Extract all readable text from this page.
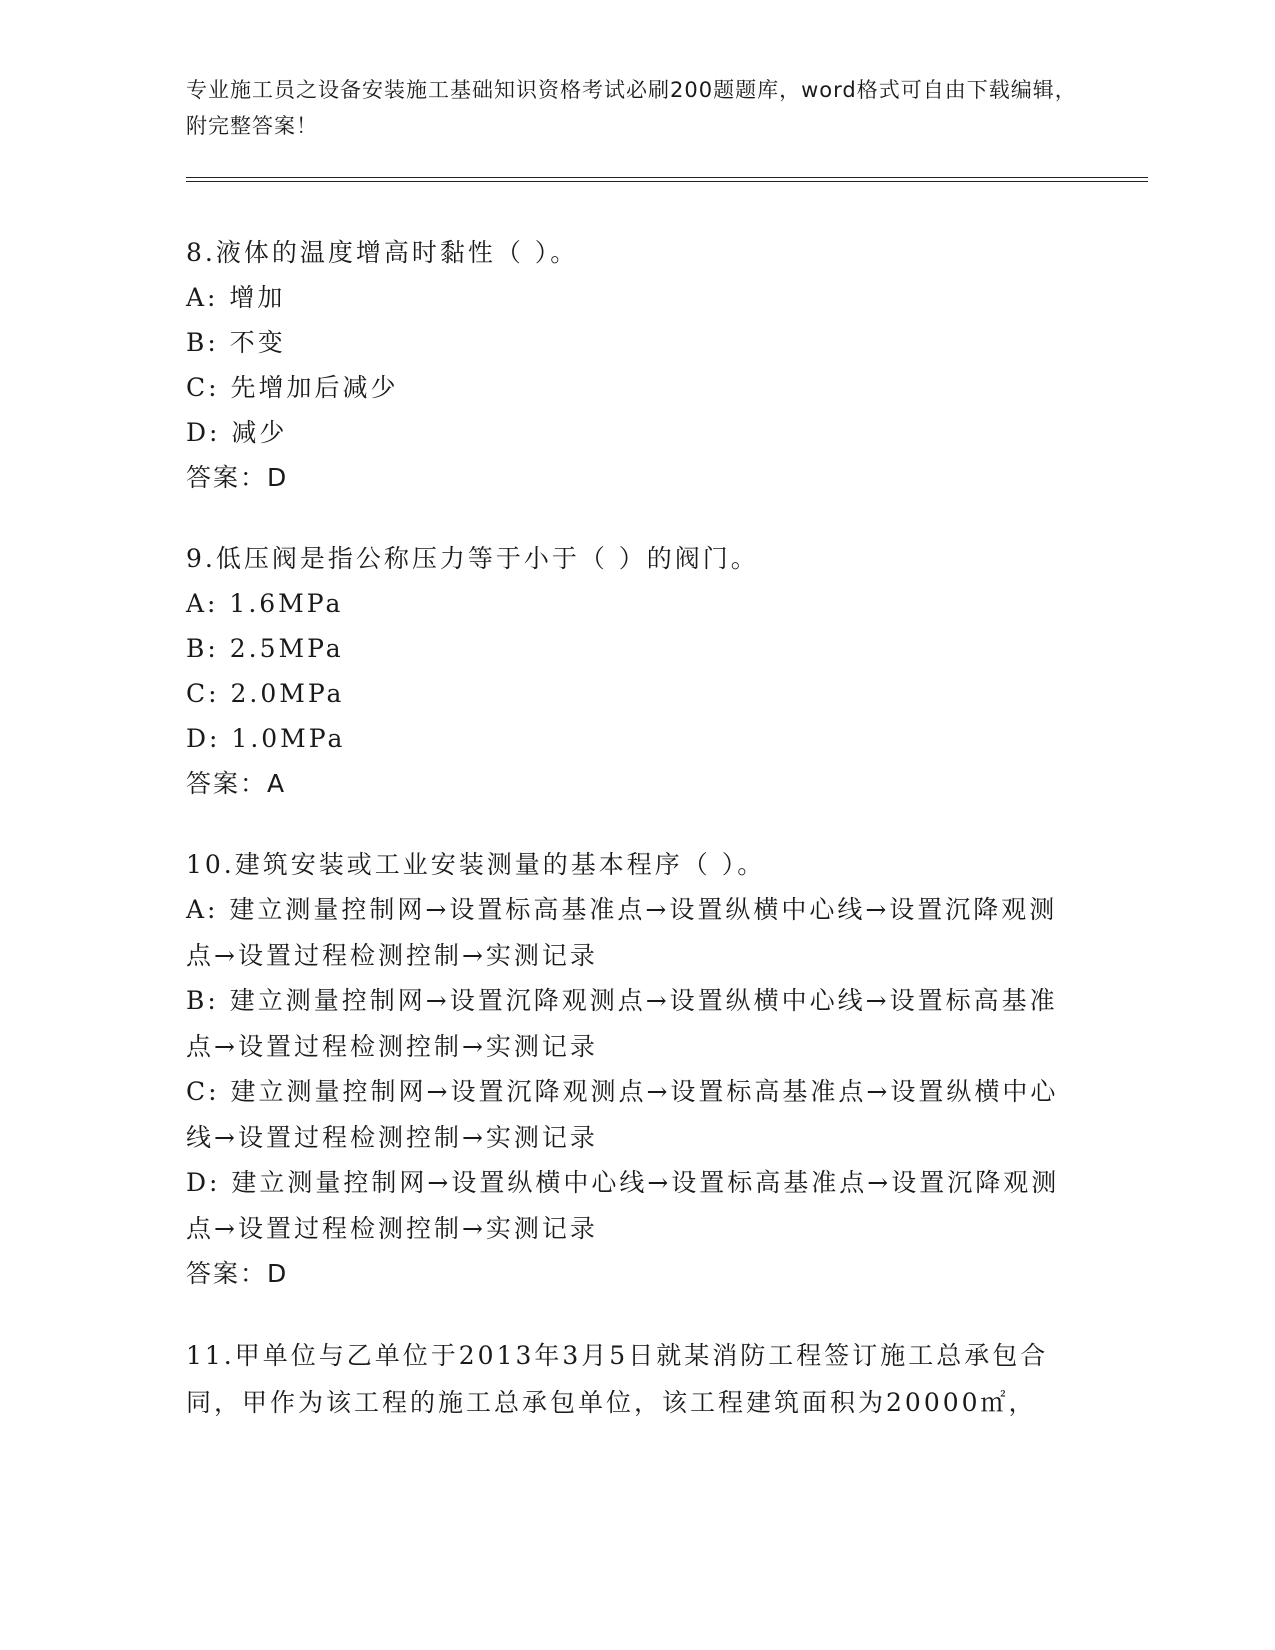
专业施工员之设备安装施工基础知识资格考试必刷200题题库，word格式可自由下载编辑，附完整答案！

8.液体的温度增高时黏性（ ）。

A: 增加

B: 不变

C: 先增加后减少

D: 减少

答案：D

9.低压阀是指公称压力等于小于（ ）的阀门。

A: 1.6MPa

B: 2.5MPa

C: 2.0MPa

D: 1.0MPa

答案：A

10.建筑安装或工业安装测量的基本程序（ ）。

A: 建立测量控制网→设置标高基准点→设置纵横中心线→设置沉降观测点→设置过程检测控制→实测记录

B: 建立测量控制网→设置沉降观测点→设置纵横中心线→设置标高基准点→设置过程检测控制→实测记录

C: 建立测量控制网→设置沉降观测点→设置标高基准点→设置纵横中心线→设置过程检测控制→实测记录

D: 建立测量控制网→设置纵横中心线→设置标高基准点→设置沉降观测点→设置过程检测控制→实测记录

答案：D

11.甲单位与乙单位于2013年3月5日就某消防工程签订施工总承包合同，甲作为该工程的施工总承包单位，该工程建筑面积为20000㎡，
